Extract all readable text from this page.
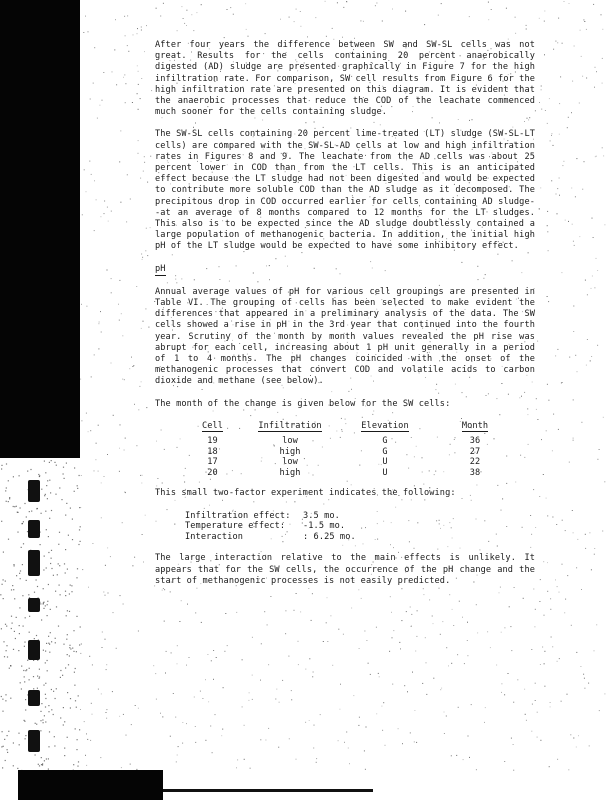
After four years the difference between SW and SW-SL cells was not great. Results for the cells containing 20 percent anaerobically digested (AD) sludge are presented graphically in Figure 7 for the high infiltration rate. For comparison, SW cell results from Figure 6 for the high infiltration rate are presented on this diagram. It is evident that the anaerobic processes that reduce the COD of the leachate commenced much sooner for the cells containing sludge.

The SW-SL cells containing 20 percent lime-treated (LT) sludge (SW-SL-LT cells) are compared with the SW-SL-AD cells at low and high infiltration rates in Figures 8 and 9. The leachate from the AD cells was about 25 percent lower in COD than from the LT cells. This is an anticipated effect because the LT sludge had not been digested and would be expected to contribute more soluble COD than the AD sludge as it decomposed. The precipitous drop in COD occurred earlier for cells containing AD sludge--at an average of 8 months compared to 12 months for the LT sludges. This also is to be expected since the AD sludge doubtlessly contained a large population of methanogenic bacteria. In addition, the initial high pH of the LT sludge would be expected to have some inhibitory effect.

pH

Annual average values of pH for various cell groupings are presented in Table VI. The grouping of cells has been selected to make evident the differences that appeared in a preliminary analysis of the data. The SW cells showed a rise in pH in the 3rd year that continued into the fourth year. Scrutiny of the month by month values revealed the pH rise was abrupt for each cell, increasing about 1 pH unit generally in a period of 1 to 4 months. The pH changes coincided with the onset of the methanogenic processes that convert COD and volatile acids to carbon dioxide and methane (see below).

The month of the change is given below for the SW cells:

Cell	Infiltration	Elevation	Month
19	low	G	36
18	high	G	27
17	low	U	22
20	high	U	38

This small two-factor experiment indicates the following:

Infiltration effect:	3.5 mo.
Temperature effect:	-1.5 mo.
Interaction	: 6.25 mo.

The large interaction relative to the main effects is unlikely. It appears that for the SW cells, the occurrence of the pH change and the start of methanogenic processes is not easily predicted.
